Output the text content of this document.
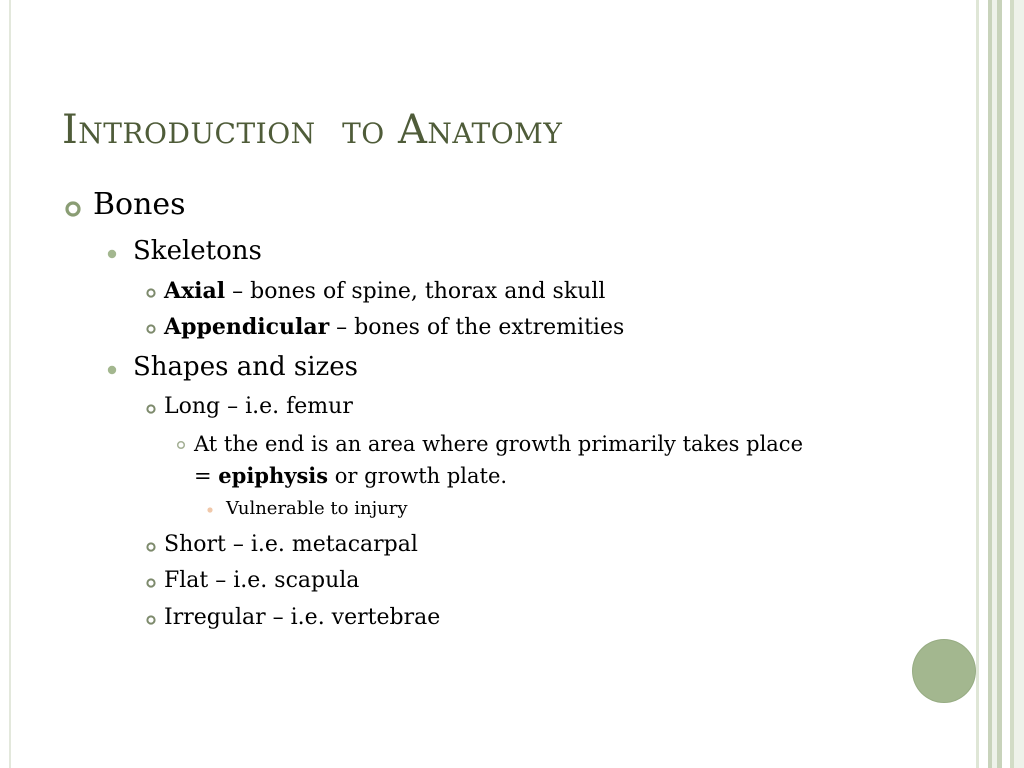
Introduction  to Anatomy
Bones
Skeletons
Axial – bones of spine, thorax and skull
Appendicular – bones of the extremities
Shapes and sizes
Long – i.e. femur
At the end is an area where growth primarily takes place
= epiphysis or growth plate.
Vulnerable to injury
Short – i.e. metacarpal
Flat – i.e. scapula
Irregular – i.e. vertebrae
